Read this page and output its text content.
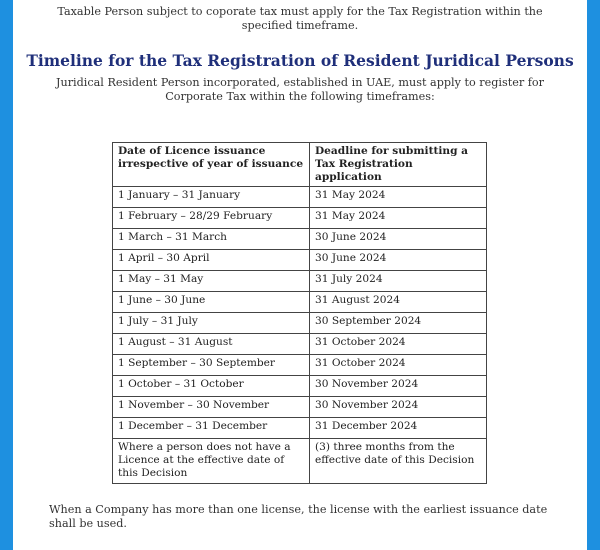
Taxable Person subject to coporate tax must apply for the Tax Registration within the specified timeframe.
Timeline for the Tax Registration of Resident Juridical Persons
Juridical Resident Person incorporated, established in UAE, must apply to register for Corporate Tax within the following timeframes:
Date of Licence issuance irrespective of year of issuance	Deadline for submitting a Tax Registration application
1 January – 31 January	31 May 2024
1 February – 28/29 February	31 May 2024
1 March – 31 March	30 June 2024
1 April – 30 April	30 June 2024
1 May – 31 May	31 July 2024
1 June – 30 June	31 August 2024
1 July – 31 July	30 September 2024
1 August – 31 August	31 October 2024
1 September – 30 September	31 October 2024
1 October – 31 October	30 November 2024
1 November – 30 November	30 November 2024
1 December – 31 December	31 December 2024
Where a person does not have a Licence at the effective date of this Decision	(3) three months from the effective date of this Decision
When a Company has more than one license, the license with the earliest issuance date shall be used.
